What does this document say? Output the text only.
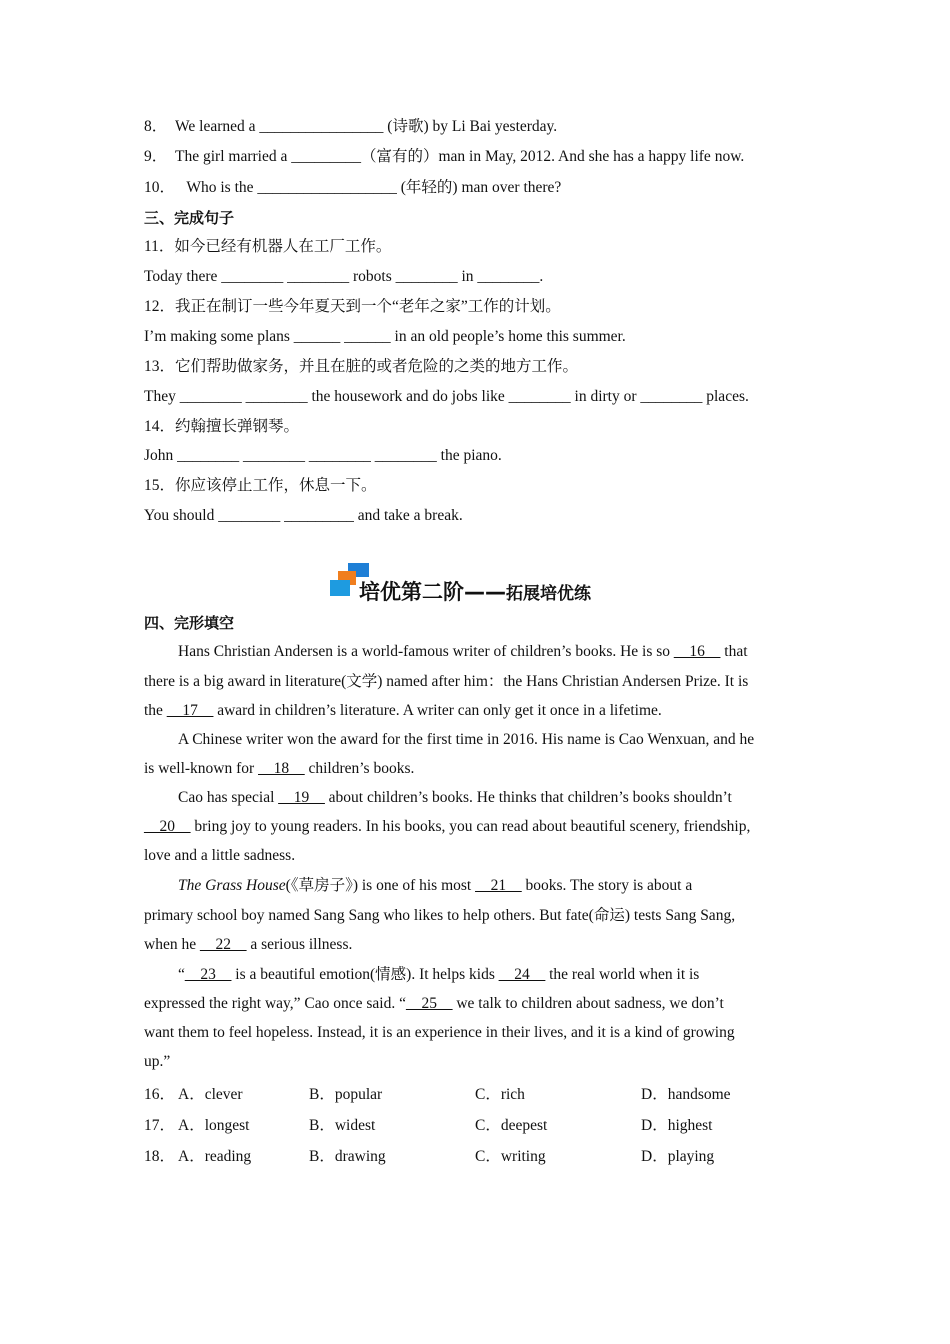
8． We learned a ________________ (诗歌) by Li Bai yesterday.
9． The girl married a _________（富有的）man in May, 2012. And she has a happy life now.
10．   Who is the __________________ (年轻的) man over there?
三、完成句子
11．如今已经有机器人在工厂工作。
Today there ________ ________ robots ________ in ________.
12．我正在制订一些今年夏天到一个“老年之家”工作的计划。
I’m making some plans ______ ______ in an old people’s home this summer.
13．它们帮助做家务，并且在脏的或者危险的之类的地方工作。
They ________ ________ the housework and do jobs like ________ in dirty or ________ places.
14．约翰擅长弹钢琴。
John ________ ________ ________ ________ the piano.
15．你应该停止工作，休息一下。
You should ________ _________ and take a break.
培优第二阶——拓展培优练
四、完形填空
Hans Christian Andersen is a world-famous writer of children’s books. He is so __16__ that
there is a big award in literature(文学) named after him：the Hans Christian Andersen Prize. It is
the __17__ award in children’s literature. A writer can only get it once in a lifetime.
A Chinese writer won the award for the first time in 2016. His name is Cao Wenxuan, and he
is well-known for __18__ children’s books.
Cao has special __19__ about children’s books. He thinks that children’s books shouldn’t
__20__ bring joy to young readers. In his books, you can read about beautiful scenery, friendship,
love and a little sadness.
The Grass House(《草房子》) is one of his most __21__ books. The story is about a
primary school boy named Sang Sang who likes to help others. But fate(命运) tests Sang Sang,
when he __22__ a serious illness.
“__23__ is a beautiful emotion(情感). It helps kids __24__ the real world when it is
expressed the right way,” Cao once said. “__25__ we talk to children about sadness, we don’t
want them to feel hopeless. Instead, it is an experience in their lives, and it is a kind of growing
up.”
16． A．clever	B．popular	C．rich	D．handsome
17． A．longest	B．widest	C．deepest	D．highest
18． A．reading	B．drawing	C．writing	D．playing
